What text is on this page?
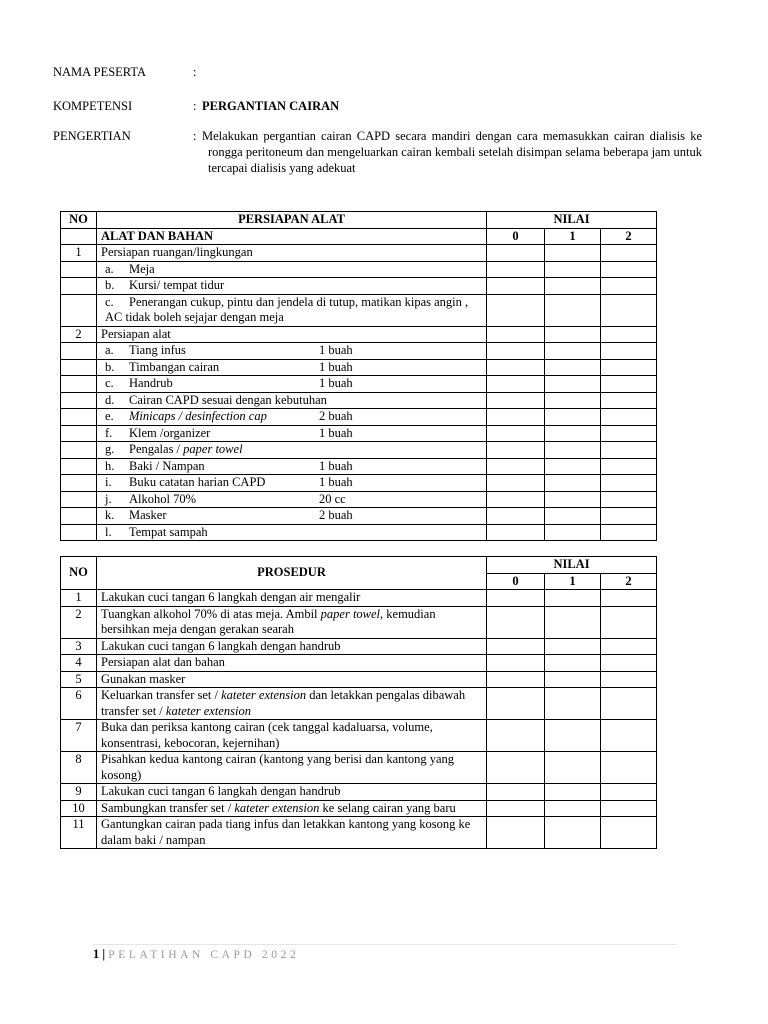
NAMA PESERTA	:
KOMPETENSI	: PERGANTIAN CAIRAN
PENGERTIAN	: Melakukan pergantian cairan CAPD secara mandiri dengan cara memasukkan cairan dialisis ke rongga peritoneum dan mengeluarkan cairan kembali setelah disimpan selama beberapa jam untuk tercapai dialisis yang adekuat
NO	PERSIAPAN ALAT	NILAI		
	ALAT DAN BAHAN	0	1	2
1	Persiapan ruangan/lingkungan			
	a. Meja			
	b. Kursi/ tempat tidur			
	c. Penerangan cukup, pintu dan jendela di tutup, matikan kipas angin , AC tidak boleh sejajar dengan meja			
2	Persiapan alat			
	a. Tiang infus 1 buah			

	b. Timbangan cairan 1 buah			

	c. Handrub 1 buah			

	d. Cairan CAPD sesuai dengan kebutuhan			
	e. Minicaps / desinfection cap 2 buah			

	f. Klem /organizer 1 buah			

	g. Pengalas / paper towel			
	h. Baki / Nampan 1 buah			

	i. Buku catatan harian CAPD 1 buah			

	j. Alkohol 70% 20 cc			

	k. Masker 2 buah			

	l. Tempat sampah			
NO	PROSEDUR	NILAI		
		0	1	2
1	Lakukan cuci tangan 6 langkah dengan air mengalir			
2	Tuangkan alkohol 70% di atas meja. Ambil paper towel, kemudian bersihkan meja dengan gerakan searah			
3	Lakukan cuci tangan 6 langkah dengan handrub			
4	Persiapan alat dan bahan			
5	Gunakan masker			
6	Keluarkan transfer set / kateter extension dan letakkan pengalas dibawah transfer set / kateter extension			
7	Buka dan periksa kantong cairan (cek tanggal kadaluarsa, volume, konsentrasi, kebocoran, kejernihan)			
8	Pisahkan kedua kantong cairan (kantong yang berisi dan kantong yang kosong)			
9	Lakukan cuci tangan 6 langkah dengan handrub			
10	Sambungkan transfer set / kateter extension ke selang cairan yang baru			
11	Gantungkan cairan pada tiang infus dan letakkan kantong yang kosong ke dalam baki / nampan			
1 | PELATIHAN CAPD 2022
